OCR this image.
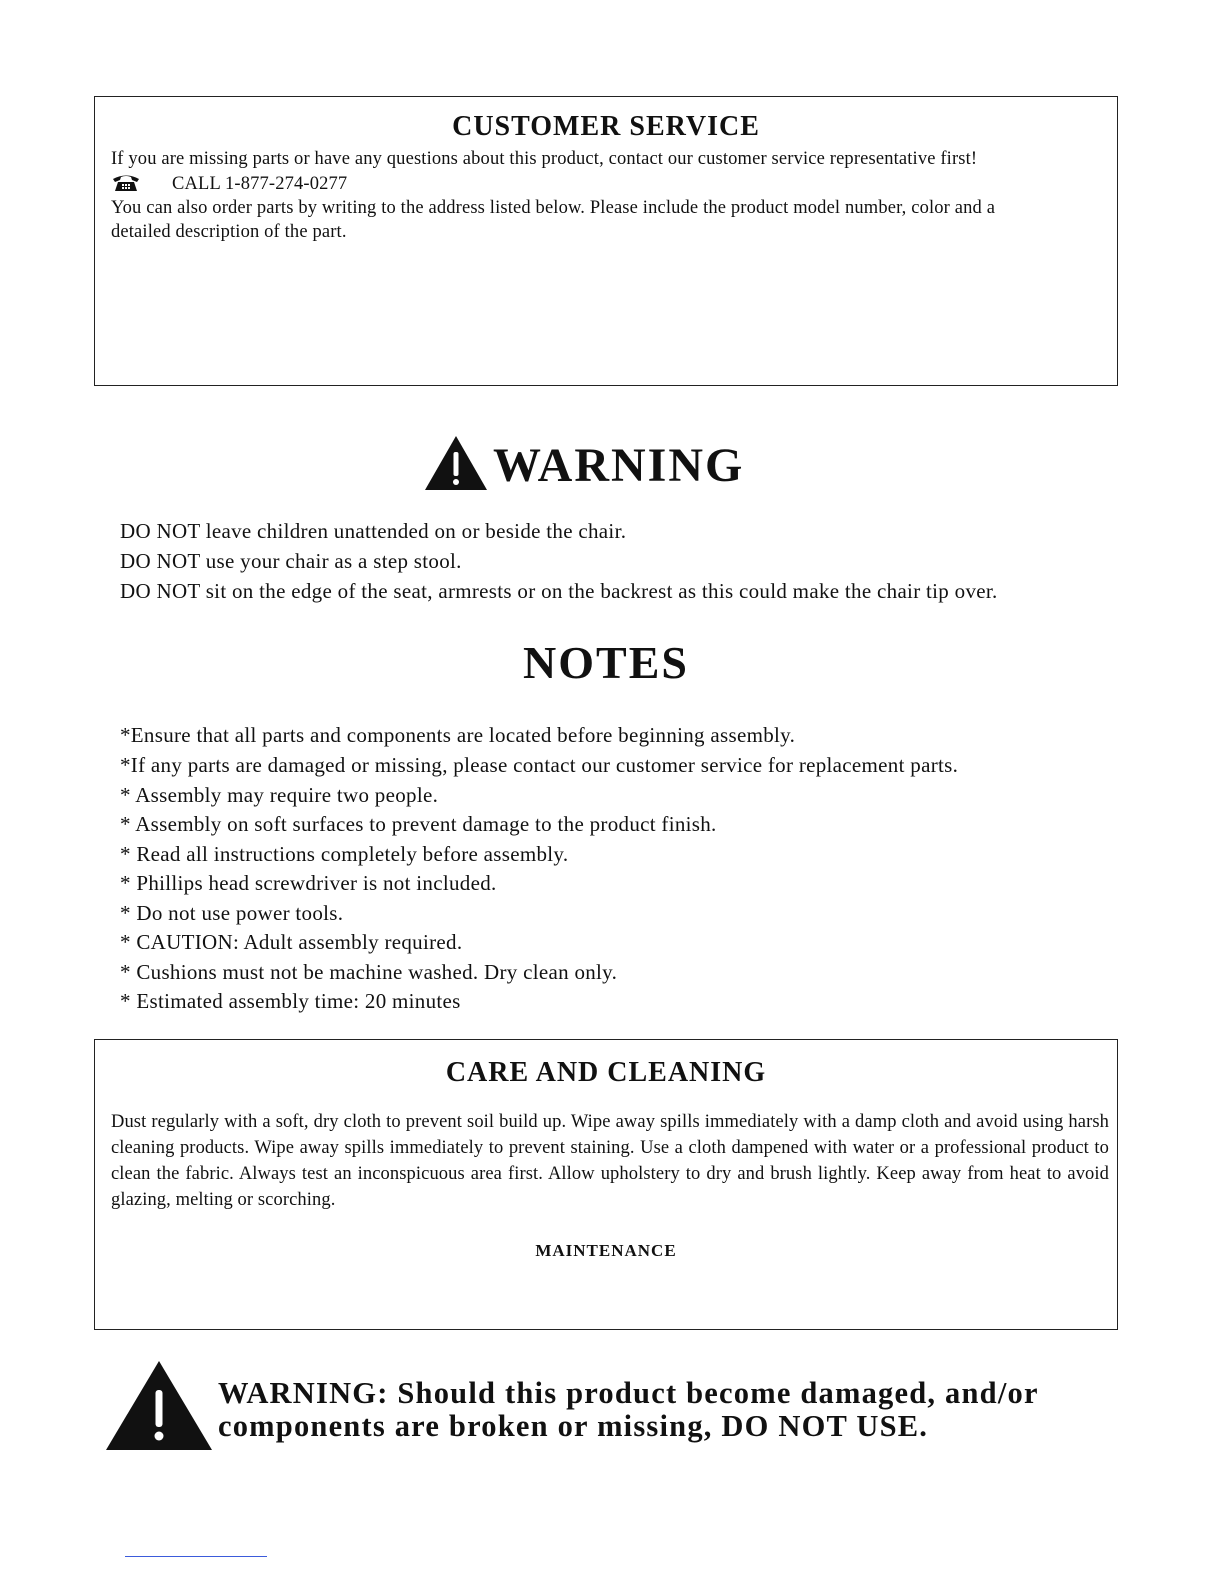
CUSTOMER SERVICE
If you are missing parts or have any questions about this product, contact our customer service representative first!
CALL 1-877-274-0277
You can also order parts by writing to the address listed below. Please include the product model number, color and a
detailed description of the part.
WARNING
DO NOT leave children unattended on or beside the chair.
DO NOT use your chair as a step stool.
DO NOT sit on the edge of the seat, armrests or on the backrest as this could make the chair tip over.
NOTES
*Ensure that all parts and components are located before beginning assembly.
*If any parts are damaged or missing, please contact our customer service for replacement parts.
* Assembly may require two people.
* Assembly on soft surfaces to prevent damage to the product finish.
* Read all instructions completely before assembly.
* Phillips head screwdriver is not included.
* Do not use power tools.
* CAUTION: Adult assembly required.
* Cushions must not be machine washed. Dry clean only.
* Estimated assembly time: 20 minutes
CARE AND CLEANING
Dust regularly with a soft, dry cloth to prevent soil build up. Wipe away spills immediately with a damp cloth and avoid using harsh cleaning products. Wipe away spills immediately to prevent staining. Use a cloth dampened with water or a professional product to clean the fabric. Always test an inconspicuous area first. Allow upholstery to dry and brush lightly. Keep away from heat to avoid glazing, melting or scorching.
MAINTENANCE
WARNING: Should this product become damaged, and/or
components are broken or missing, DO NOT USE.
